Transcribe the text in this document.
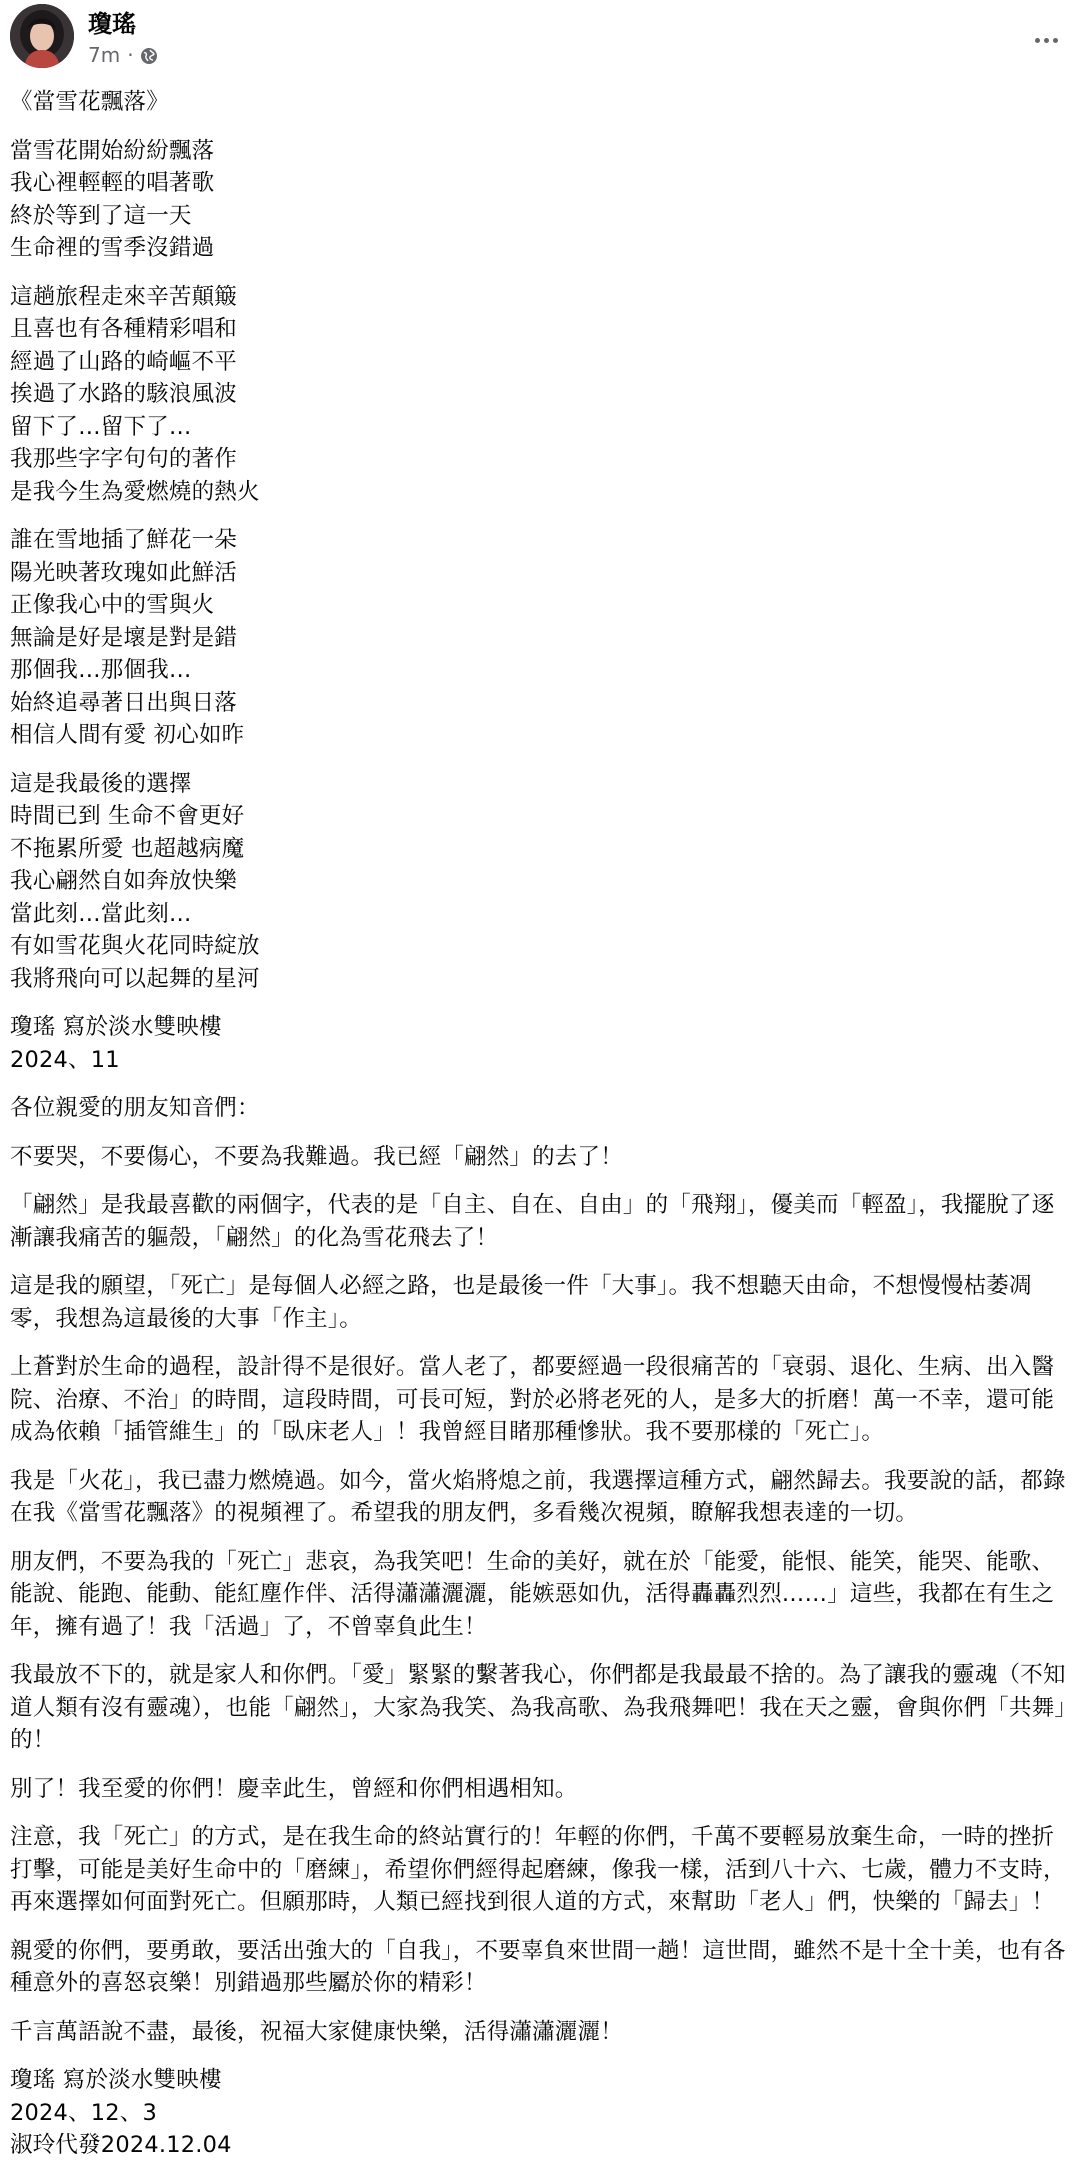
瓊瑤
7m ·

《當雪花飄落》

當雪花開始紛紛飄落
我心裡輕輕的唱著歌
終於等到了這一天
生命裡的雪季沒錯過

這趟旅程走來辛苦顛簸
且喜也有各種精彩唱和
經過了山路的崎嶇不平
挨過了水路的駭浪風波
留下了…留下了…
我那些字字句句的著作
是我今生為愛燃燒的熱火

誰在雪地插了鮮花一朵
陽光映著玫瑰如此鮮活
正像我心中的雪與火
無論是好是壞是對是錯
那個我…那個我…
始終追尋著日出與日落
相信人間有愛 初心如昨

這是我最後的選擇
時間已到 生命不會更好
不拖累所愛 也超越病魔
我心翩然自如奔放快樂
當此刻…當此刻…
有如雪花與火花同時綻放
我將飛向可以起舞的星河

瓊瑤 寫於淡水雙映樓
2024、11

各位親愛的朋友知音們：

不要哭，不要傷心，不要為我難過。我已經「翩然」的去了！

「翩然」是我最喜歡的兩個字，代表的是「自主、自在、自由」的「飛翔」，優美而「輕盈」，我擺脫了逐漸讓我痛苦的軀殼，「翩然」的化為雪花飛去了！

這是我的願望，「死亡」是每個人必經之路，也是最後一件「大事」。我不想聽天由命，不想慢慢枯萎凋零，我想為這最後的大事「作主」。

上蒼對於生命的過程，設計得不是很好。當人老了，都要經過一段很痛苦的「衰弱、退化、生病、出入醫院、治療、不治」的時間，這段時間，可長可短，對於必將老死的人，是多大的折磨！萬一不幸，還可能成為依賴「插管維生」的「臥床老人」！我曾經目睹那種慘狀。我不要那樣的「死亡」。

我是「火花」，我已盡力燃燒過。如今，當火焰將熄之前，我選擇這種方式，翩然歸去。我要說的話，都錄在我《當雪花飄落》的視頻裡了。希望我的朋友們，多看幾次視頻，瞭解我想表達的一切。

朋友們，不要為我的「死亡」悲哀，為我笑吧！生命的美好，就在於「能愛，能恨、能笑，能哭、能歌、能說、能跑、能動、能紅塵作伴、活得瀟瀟灑灑，能嫉惡如仇，活得轟轟烈烈……」這些，我都在有生之年，擁有過了！我「活過」了，不曾辜負此生！

我最放不下的，就是家人和你們。「愛」緊緊的繫著我心，你們都是我最最不捨的。為了讓我的靈魂（不知道人類有沒有靈魂），也能「翩然」，大家為我笑、為我高歌、為我飛舞吧！我在天之靈，會與你們「共舞」的！

別了！我至愛的你們！慶幸此生，曾經和你們相遇相知。

注意，我「死亡」的方式，是在我生命的終站實行的！年輕的你們，千萬不要輕易放棄生命，一時的挫折打擊，可能是美好生命中的「磨練」，希望你們經得起磨練，像我一樣，活到八十六、七歲，體力不支時，再來選擇如何面對死亡。但願那時，人類已經找到很人道的方式，來幫助「老人」們，快樂的「歸去」！

親愛的你們，要勇敢，要活出強大的「自我」，不要辜負來世間一趟！這世間，雖然不是十全十美，也有各種意外的喜怒哀樂！別錯過那些屬於你的精彩！

千言萬語說不盡，最後，祝福大家健康快樂，活得瀟瀟灑灑！

瓊瑤 寫於淡水雙映樓
2024、12、3
淑玲代發2024.12.04
